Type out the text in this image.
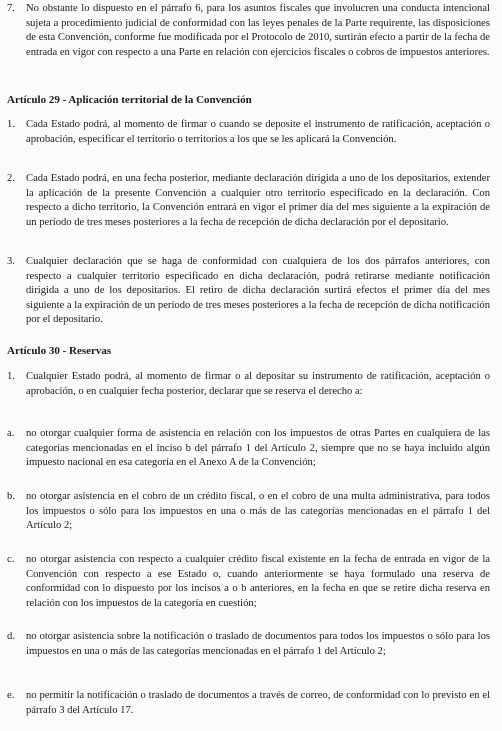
7. No obstante lo dispuesto en el párrafo 6, para los asuntos fiscales que involucren una conducta intencional sujeta a procedimiento judicial de conformidad con las leyes penales de la Parte requirente, las disposiciones de esta Convención, conforme fue modificada por el Protocolo de 2010, surtirán efecto a partir de la fecha de entrada en vigor con respecto a una Parte en relación con ejercicios fiscales o cobros de impuestos anteriores.
Artículo 29 - Aplicación territorial de la Convención
1. Cada Estado podrá, al momento de firmar o cuando se deposite el instrumento de ratificación, aceptación o aprobación, especificar el territorio o territorios a los que se les aplicará la Convención.
2. Cada Estado podrá, en una fecha posterior, mediante declaración dirigida a uno de los depositarios, extender la aplicación de la presente Convención a cualquier otro territorio especificado en la declaración. Con respecto a dicho territorio, la Convención entrará en vigor el primer día del mes siguiente a la expiración de un período de tres meses posteriores a la fecha de recepción de dicha declaración por el depositario.
3. Cualquier declaración que se haga de conformidad con cualquiera de los dos párrafos anteriores, con respecto a cualquier territorio especificado en dicha declaración, podrá retirarse mediante notificación dirigida a uno de los depositarios. El retiro de dicha declaración surtirá efectos el primer día del mes siguiente a la expiración de un período de tres meses posteriores a la fecha de recepción de dicha notificación por el depositario.
Artículo 30 - Reservas
1. Cualquier Estado podrá, al momento de firmar o al depositar su instrumento de ratificación, aceptación o aprobación, o en cualquier fecha posterior, declarar que se reserva el derecho a:
a. no otorgar cualquier forma de asistencia en relación con los impuestos de otras Partes en cualquiera de las categorías mencionadas en el inciso b del párrafo 1 del Artículo 2, siempre que no se haya incluido algún impuesto nacional en esa categoría en el Anexo A de la Convención;
b. no otorgar asistencia en el cobro de un crédito fiscal, o en el cobro de una multa administrativa, para todos los impuestos o sólo para los impuestos en una o más de las categorías mencionadas en el párrafo 1 del Artículo 2;
c. no otorgar asistencia con respecto a cualquier crédito fiscal existente en la fecha de entrada en vigor de la Convención con respecto a ese Estado o, cuando anteriormente se haya formulado una reserva de conformidad con lo dispuesto por los incisos a o b anteriores, en la fecha en que se retire dicha reserva en relación con los impuestos de la categoría en cuestión;
d. no otorgar asistencia sobre la notificación o traslado de documentos para todos los impuestos o sólo para los impuestos en una o más de las categorías mencionadas en el párrafo 1 del Artículo 2;
e. no permitir la notificación o traslado de documentos a través de correo, de conformidad con lo previsto en el párrafo 3 del Artículo 17.
